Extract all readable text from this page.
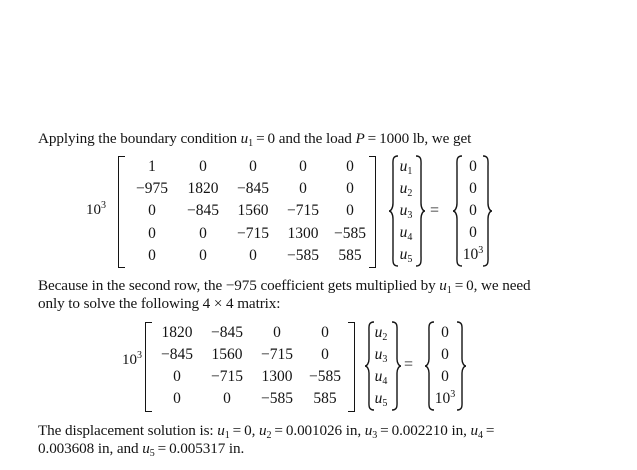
Applying the boundary condition $u_1 = 0$ and the load P = 1000 lb, we get
$10^3$
1	0	0	0	0
−975	1820	−845	0	0
0	−845	1560	−715	0
0	0	−715	1300	−585
0	0	0	−585	585
$u_1$
$u_2$
$u_3$
$u_4$
$u_5$
=
0
0
0
0
$10^3$
Because in the second row, the −975 coefficient gets multiplied by $u_1 = 0$, we need
only to solve the following 4 × 4 matrix:
$10^3$
1820	−845	0	0
−845	1560	−715	0
0	−715	1300	−585
0	0	−585	585
$u_2$
$u_3$
$u_4$
$u_5$
=
0
0
0
$10^3$
The displacement solution is: $u_1 = 0$, $u_2 = 0.001026$ in, $u_3 = 0.002210$ in, $u_4$ =
0.003608 in, and $u_5 = 0.005317$ in.
